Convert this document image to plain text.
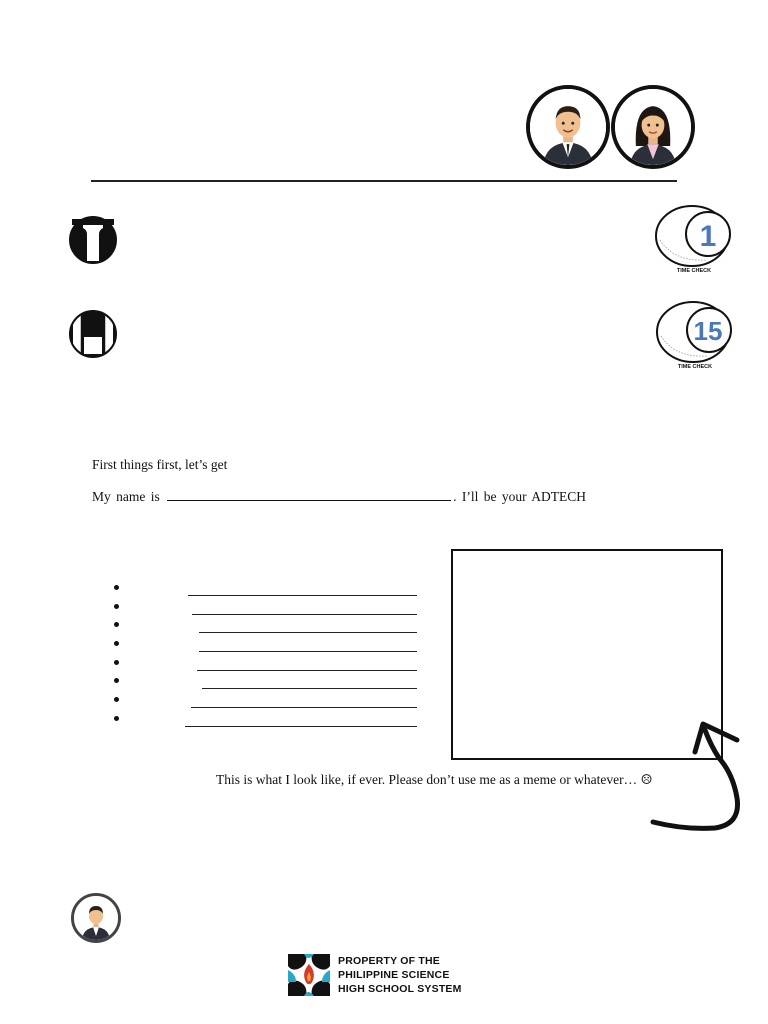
1
TIME CHECK
15
TIME CHECK
First things first, let’s get
My name is	. I’ll be your ADTECH
This is what I look like, if ever. Please don’t use me as a meme or whatever… ☹
PROPERTY OF THE
PHILIPPINE SCIENCE
HIGH SCHOOL SYSTEM
